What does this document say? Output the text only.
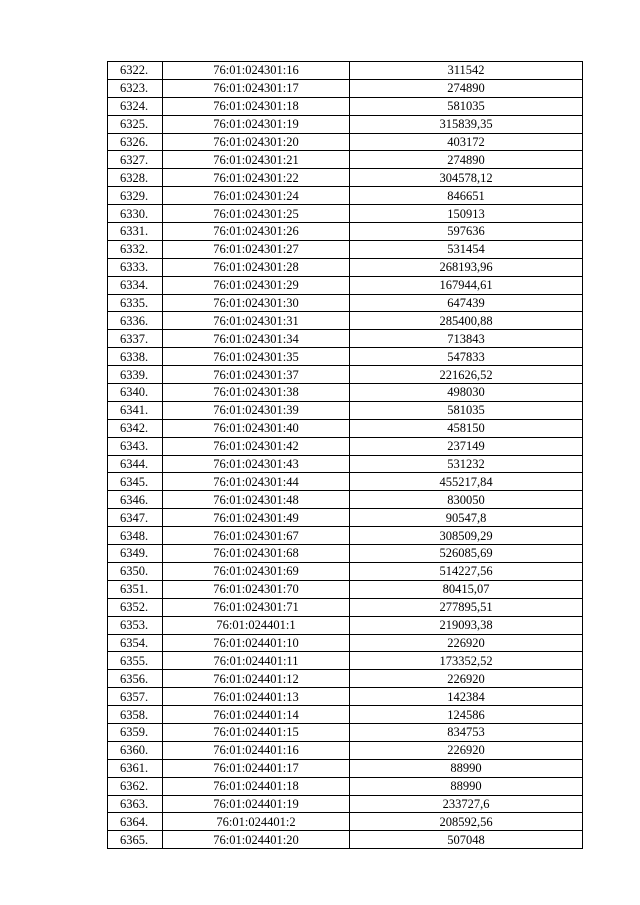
6322.	76:01:024301:16	311542
6323.	76:01:024301:17	274890
6324.	76:01:024301:18	581035
6325.	76:01:024301:19	315839,35
6326.	76:01:024301:20	403172
6327.	76:01:024301:21	274890
6328.	76:01:024301:22	304578,12
6329.	76:01:024301:24	846651
6330.	76:01:024301:25	150913
6331.	76:01:024301:26	597636
6332.	76:01:024301:27	531454
6333.	76:01:024301:28	268193,96
6334.	76:01:024301:29	167944,61
6335.	76:01:024301:30	647439
6336.	76:01:024301:31	285400,88
6337.	76:01:024301:34	713843
6338.	76:01:024301:35	547833
6339.	76:01:024301:37	221626,52
6340.	76:01:024301:38	498030
6341.	76:01:024301:39	581035
6342.	76:01:024301:40	458150
6343.	76:01:024301:42	237149
6344.	76:01:024301:43	531232
6345.	76:01:024301:44	455217,84
6346.	76:01:024301:48	830050
6347.	76:01:024301:49	90547,8
6348.	76:01:024301:67	308509,29
6349.	76:01:024301:68	526085,69
6350.	76:01:024301:69	514227,56
6351.	76:01:024301:70	80415,07
6352.	76:01:024301:71	277895,51
6353.	76:01:024401:1	219093,38
6354.	76:01:024401:10	226920
6355.	76:01:024401:11	173352,52
6356.	76:01:024401:12	226920
6357.	76:01:024401:13	142384
6358.	76:01:024401:14	124586
6359.	76:01:024401:15	834753
6360.	76:01:024401:16	226920
6361.	76:01:024401:17	88990
6362.	76:01:024401:18	88990
6363.	76:01:024401:19	233727,6
6364.	76:01:024401:2	208592,56
6365.	76:01:024401:20	507048
